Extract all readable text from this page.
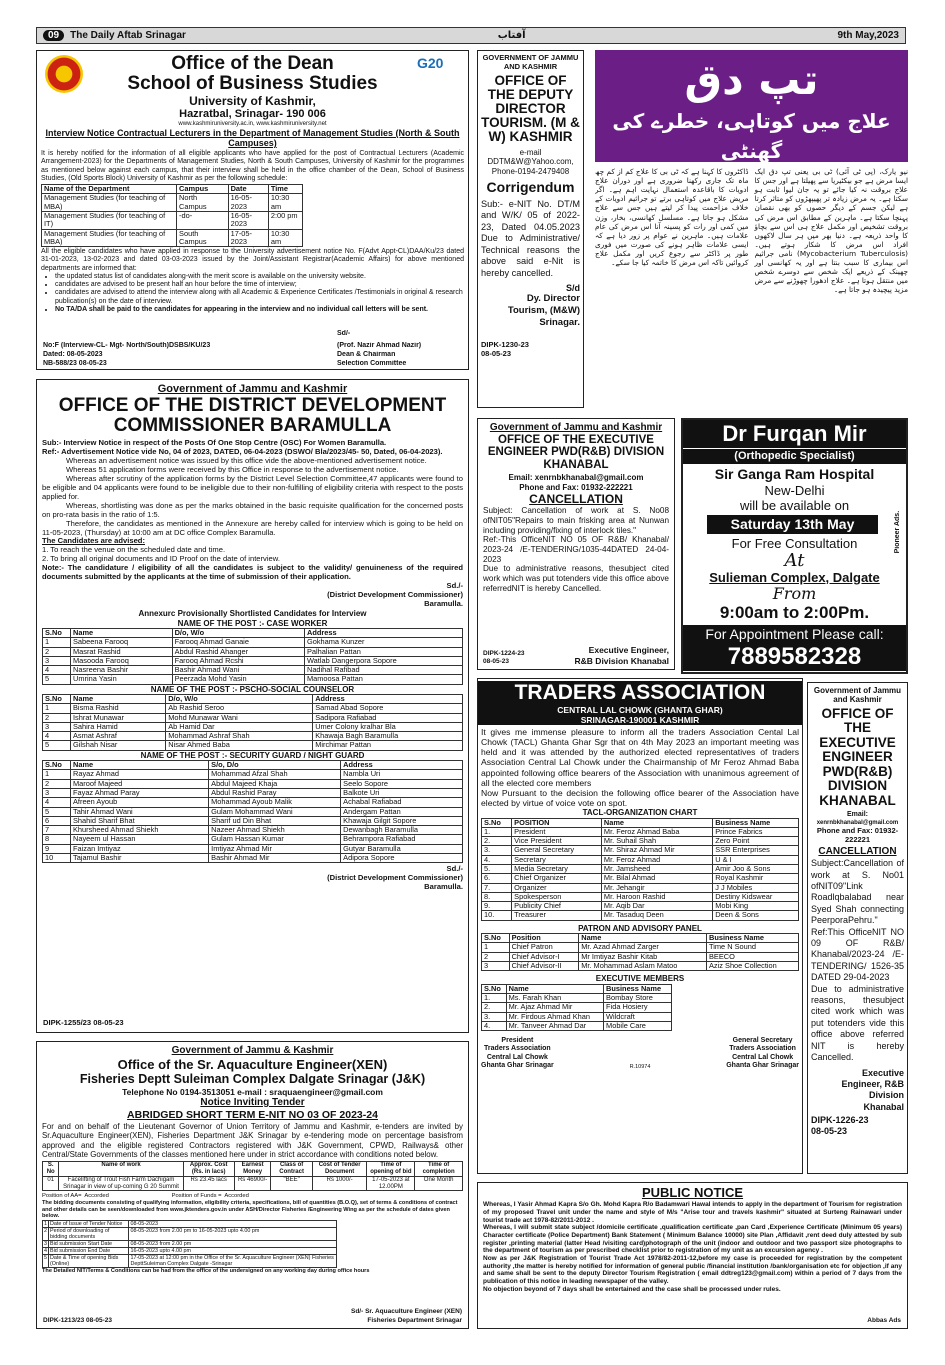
09 The Daily Aftab Srinagar	آفتاب	9th May,2023
G20
Office of the Dean
School of Business Studies
University of Kashmir,
Hazratbal, Srinagar- 190 006
www.kashmiruniversity.ac.in, www.kashmiruniversity.net
Interview Notice Contractual Lecturers in the Department of Management Studies (North & South Campuses)
It is hereby notified for the information of all eligible applicants who have applied for the post of Contractual Lecturers (Academic Arrangement-2023) for the Departments of Management Studies, North & South Campuses, University of Kashmir for the programmes as mentioned below against each campus, that their interview shall be held in the office chamber of the Dean, School of Business Studies, (Old Sports Block) University of Kashmir as per the following schedule:
Name of the Department	Campus	Date	Time
Management Studies (for teaching of MBA)	North Campus	16-05-2023	10:30 am
Management Studies (for teaching of IT)	-do-	16-05-2023	2:00 pm
Management Studies (for teaching of MBA)	South Campus	17-05-2023	10:30 am
All the eligible candidates who have applied in response to the University advertisement notice No. F(Advt Appt-CL)DAA/Ku/23 dated 31-01-2023, 13-02-2023 and dated 03-03-2023 issued by the Joint/Assistant Registrar(Academic Affairs) for above mentioned departments are informed that:
• the updated status list of candidates along-with the merit score is available on the university website.
• candidates are advised to be present half an hour before the time of interview;
• candidates are advised to attend the interview along with all Academic & Experience Certificates /Testimonials in original & research publication(s) on the date of interview.
• No TA/DA shall be paid to the candidates for appearing in the interview and no individual call letters will be sent.
Sd/-
No:F (Interview-CL- Mgt- North/South)DSBS/KU/23
Dated: 08-05-2023
NB-588/23 08-05-23
(Prof. Nazir Ahmad Nazir)
Dean & Chairman
Selection Committee
GOVERNMENT OF JAMMU AND KASHMIR
OFFICE OF THE DEPUTY DIRECTOR TOURISM. (M & W) KASHMIR
e-mail
DDTM&W@Yahoo.com,
Phone-0194-2479408
Corrigendum
Sub:- e-NIT No. DT/M and W/K/ 05 of 2022-23, Dated 04.05.2023 Due to Administrative/ Technical reasons the above said e-Nit is hereby cancelled.
S/d
Dy. Director Tourism, (M&W) Srinagar.
DIPK-1230-23
08-05-23
تپ دق
علاج میں کوتاہی، خطرے کی گھنٹی
ڈاکٹروں کا کہنا ہے کہ ٹی بی کا علاج کم از کم چھ ماہ تک جاری رکھنا ضروری ہے اور دوران علاج ادویات کا باقاعدہ استعمال نہایت اہم ہے۔ اگر مریض علاج میں کوتاہی برتے تو جراثیم ادویات کے خلاف مزاحمت پیدا کر لیتے ہیں جس سے علاج مشکل ہو جاتا ہے۔ مسلسل کھانسی، بخار، وزن میں کمی اور رات کو پسینہ آنا اس مرض کی عام علامات ہیں۔ ماہرین نے عوام پر زور دیا ہے کہ ایسی علامات ظاہر ہونے کی صورت میں فوری طور پر ڈاکٹر سے رجوع کریں اور مکمل علاج کروائیں تاکہ اس مرض کا خاتمہ کیا جا سکے۔
نیو یارک، (پی ٹی آئی) ٹی بی یعنی تپ دق ایک ایسا مرض ہے جو بیکٹیریا سے پھیلتا ہے اور جس کا علاج بروقت نہ کیا جائے تو یہ جان لیوا ثابت ہو سکتا ہے۔ یہ مرض زیادہ تر پھیپھڑوں کو متاثر کرتا ہے لیکن جسم کے دیگر حصوں کو بھی نقصان پہنچا سکتا ہے۔ ماہرین کے مطابق اس مرض کی بروقت تشخیص اور مکمل علاج ہی اس سے بچاؤ کا واحد ذریعہ ہے۔ دنیا بھر میں ہر سال لاکھوں افراد اس مرض کا شکار ہوتے ہیں۔ (Mycobacterium Tuberculosis) نامی جراثیم اس بیماری کا سبب بنتا ہے اور یہ کھانسی اور چھینک کے ذریعے ایک شخص سے دوسرے شخص میں منتقل ہوتا ہے۔ علاج ادھورا چھوڑنے سے مرض مزید پیچیدہ ہو جاتا ہے۔
Government of Jammu and Kashmir
OFFICE OF THE DISTRICT DEVELOPMENT COMMISSIONER BARAMULLA
Sub:- Interview Notice in respect of the Posts Of One Stop Centre (OSC) For Women Baramulla.
Ref:- Advertisement Notice vide No, 04 of 2023, DATED, 06-04-2023 (DSWO/ Bla/2023/45- 50, Dated, 06-04-2023).
Whereas an advertisement notice was issued by this office vide the above-mentioned advertisement notice.
Whereas 51 application forms were received by this Office in response to the advertisement notice.
Whereas after scrutiny of the application forms by the District Level Selection Committee,47 applicants were found to be eligible and 04 applicants were found to be ineligible due to their non-fulfilling of eligibility criteria with respect to the posts applied for.
Whereas, shortlisting was done as per the marks obtained in the basic requisite qualification for the concerned posts on pro-rata basis in the ratio of 1:5.
Therefore, the candidates as mentioned in the Annexure are hereby called for interview which is going to be held on 11-05-2023, (Thursday) at 10:00 am at DC office Complex Baramulla.
The Candidates are advised:
1. To reach the venue on the scheduled date and time.
2. To bring all original documents and ID Proof on the date of interview.
Note:- The candidature / eligibility of all the candidates is subject to the validity/ genuineness of the required documents submitted by the applicants at the time of submission of their application.
Sd./-
(District Development Commissioner)
Baramulla.
Annexurc Provisionally Shortlisted Candidates for Interview
NAME OF THE POST :- CASE WORKER
S.No	Name	D/o, W/o	Address
1	Sabeena Farooq	Farooq Ahmad Ganaie	Gokhama Kunzer
2	Masrat Rashid	Abdul Rashid Ahanger	Palhalian Pattan
3	Masooda Farooq	Farooq Ahmad Rcshi	Watlab Dangerpora Sopore
4	Nasreena Bashir	Bashir Ahmad Wani	Nadihal Rafibad
5	Umrina Yasin	Peerzada Mohd Yasin	Mamoosa Pattan
NAME OF THE POST :- PSCHO-SOCIAL COUNSELOR
S.No	Name	D/o, W/o	Address
1	Bisma Rashid	Ab Rashid Seroo	Samad Abad Sopore
2	Ishrat Munawar	Mohd Munawar Wani	Sadipora Rafiabad
3	Sahira Hamid	Ab Hamid Dar	Umer Colony kralhar Bla
4	Asmat Ashraf	Mohammad Ashraf Shah	Khawaja Bagh Baramulla
5	Gilshah Nisar	Nisar Ahmed Baba	Mirchimar Pattan
NAME OF THE POST :- SECURITY GUARD / NIGHT GUARD
S.No	Name	S/o, D/o	Address
1	Rayaz Ahmad	Mohammad Afzal Shah	Nambla Uri
2	Maroof Majeed	Abdul Majeed Khaja	Seelo Sopore
3	Fayaz Ahmad Paray	Abdul Rashid Paray	Balkote Uri
4	Afreen Ayoub	Mohammad Ayoub Malik	Achabal Rafiabad
5	Tahir Ahmad Wani	Gulam Mohammad Wani	Andergam Pattan
6	Shahid Sharif Bhat	Sharif ud Din Bhat	Khawaja Gilgit Sopore
7	Khursheed Ahmad Shiekh	Nazeer Ahmad Shiekh	Dewanbagh Baramulla
8	Nayeem ul Hassan	Gulam Hassan Kumar	Behrampora Rafiabad
9	Faizan Imtiyaz	Imtiyaz Ahmad Mir	Gutyar Baramulla
10	Tajamul Bashir	Bashir Ahmad Mir	Adipora Sopore
Sd./-
(District Development Commissioner)
Baramulla.
DIPK-1255/23 08-05-23
Government of Jammu and Kashmir
OFFICE OF THE EXECUTIVE ENGINEER PWD(R&B) DIVISION KHANABAL
Email: xenrnbkhanabal@gmail.com
Phone and Fax: 01932-222221
CANCELLATION
Subject: Cancellation of work at S. No08 ofNIT05"Repairs to main frisking area at Nunwan including providing/fixing of interlock tiles."
Ref:-This OfficeNIT NO 05 OF R&B/ Khanabal/ 2023-24 /E-TENDERING/1035-44DATED 24-04-2023
Due to administrative reasons, thesubject cited work which was put totenders vide this office above referredNIT is hereby Cancelled.
Executive Engineer,
R&B Division Khanabal
DIPK-1224-23
08-05-23
Dr Furqan Mir
(Orthopedic Specialist)
Sir Ganga Ram Hospital
New-Delhi
will be available on
Saturday 13th May
For Free Consultation
At
Sulieman Complex, Dalgate
From
9:00am to 2:00Pm.
For Appointment Please call:
7889582328
Pioneer Ads.
TRADERS ASSOCIATION
CENTRAL LAL CHOWK (GHANTA GHAR)
SRINAGAR-190001 KASHMIR
It gives me immense pleasure to inform all the traders Association Cental Lal Chowk (TACL) Ghanta Ghar Sgr that on 4th May 2023 an important meeting was held and it was attended by the authorized elected representatives of traders Association Central Lal Chowk under the Chairmanship of Mr Feroz Ahmad Baba appointed following office bearers of the Association with unanimous agreement of all the elected core members
Now Pursuant to the decision the following office bearer of the Association have elected by virtue of voice vote on spot.
TACL-ORGANIZATION CHART
S.No	POSITION	Name	Business Name
1.	President	Mr. Feroz Ahmad Baba	Prince Fabrics
2.	Vice President	Mr. Suhail Shah	Zero Point
3.	General Secretary	Mr. Shiraz Ahmad Mir	SSR Enterprises
4.	Secretary	Mr. Feroz Ahmad	U & I
5.	Media Secretary	Mr. Jamsheed	Amir Joo & Sons
6.	Chief Organizer	Mr. Bilal Ahmad	Royal Kashmir
7.	Organizer	Mr. Jehangir	J J Mobiles
8.	Spokesperson	Mr. Haroon Rashid	Destiny Kidswear
9.	Publicity Chief	Mr. Aqib Dar	Mobi King
10.	Treasurer	Mr. Tasaduq Deen	Deen & Sons
PATRON AND ADVISORY PANEL
S.No	Position	Name	Business Name
1	Chief Patron	Mr. Azad Ahmad Zarger	Time N Sound
2	Chief Advisor-I	Mr Imtiyaz Bashir Kitab	BEECO
3	Chief Advisor-II	Mr. Mohammad Aslam Matoo	Aziz Shoe Collection
EXECUTIVE MEMBERS
S.No	Name	Business Name
1.	Ms. Farah Khan	Bombay Store
2.	Mr. Ajaz Ahmad Mir	Fida Hosiery
3.	Mr. Firdous Ahmad Khan	Wildcraft
4.	Mr. Tanveer Ahmad Dar	Mobile Care
President
Traders Association
Central Lal Chowk
Ghanta Ghar Srinagar	R.10974
General Secretary
Traders Association
Central Lal Chowk
Ghanta Ghar Srinagar
Government of Jammu and Kashmir
OFFICE OF THE EXECUTIVE ENGINEER PWD(R&B) DIVISION KHANABAL
Email:
xenrnbkhanabal@gmail.com
Phone and Fax: 01932-222221
CANCELLATION
Subject:Cancellation of work at S. No01 ofNIT09"Link Roadlqbalabad near Syed Shah connecting PeerporaPehru."
Ref:This OfficeNIT NO 09 OF R&B/ Khanabal/2023-24 /E-TENDERING/ 1526-35 DATED 29-04-2023
Due to administrative reasons, thesubject cited work which was put totenders vide this office above referred NIT is hereby Cancelled.
Executive Engineer, R&B Division Khanabal
DIPK-1226-23
08-05-23
Government of Jammu & Kashmir
Office of the Sr. Aquaculture Engineer(XEN)
Fisheries Deptt Suleiman Complex Dalgate Srinagar (J&K)
Telephone No 0194-3513051 e-mail : sraquaengineer@gmail.com
Notice Inviting Tender
ABRIDGED SHORT TERM E-NIT NO 03 OF 2023-24
For and on behalf of the Lieutenant Governor of Union Territory of Jammu and Kashmir, e-tenders are invited by Sr.Aquaculture Engineer(XEN), Fisheries Department J&K Srinagar by e-tendering mode on percentage basisfrom approved and the eligible registered Contractors registered with J&K Government, CPWD, Railways& other Central/State Governments of the classes mentioned here under in strict accordance with conditions noted below.
S. No	Name of work	Approx. Cost (Rs. in lacs)	Earnest Money	Class of Contract	Cost of Tender Document	Time of opening of bid	Time of completion
01	Facelifting of Trout Fish Farm Dachigam Srinagar in view of up-coming G 20 Summit	Rs 23.45 lacs	Rs 46900/-	"BEE"	Rs 1000/-	17-05-2023 at 12.00PM	One Month
Position of AA=  Accorded                                       Position of Funds =  Accorded
The bidding documents consisting of qualifying information, eligibility criteria, specifications, bill of quantities (B.O.Q), set of terms & conditions of contract and other details can be seen/downloaded from www.jktenders.gov.in under ASH/Director Fisheries /Engineering Wing as per the schedule of dates given below.
1	Date of Issue of Tender Notice	08-05-2023
2	Period of downloading of bidding documents	08-05-2023 from 2.00 pm to 16-05-2023 upto 4.00 pm
3	Bid submission Start Date	08-05-2023 from 2.00 pm
4	Bid submission End Date	16-05-2023 upto 4.00 pm
5	Date & Time of opening Bids (Online)	17-05-2023 at 12:00 pm in the Office of the Sr. Aquaculture Engineer (XEN) Fisheries DepttSuleiman Complex Dalgate -Srinagar
The Detailed NIT/Terms & Conditions can be had from the office of the undersigned on any working day during office hours
Sd/- Sr. Aquaculture Engineer (XEN)
Fisheries Department Srinagar
DIPK-1213/23 08-05-23
PUBLIC NOTICE
Whereas, I Yasir Ahmad Kapra S/o Gh. Mohd Kapra R/o Badamwari Hawal intends to apply in the department of Tourism for registration of my proposed Travel unit under the name and style of M/s "Arise tour and travels kashmir" situated at Surteng Rainawari under tourist trade act 1978-82/2011-2012 .
Whereas, I will submit state subject /domicile certificate ,qualification certificate ,pan Card ,Experience Certificate (Minimum 05 years) Character certificate (Police Department) Bank Statement ( Minimum Balance 10000) site Plan ,Affidavit ,rent deed duly attested by sub register ,printing material (latter Head /visiting card)photograph of the unit (indoor and outdoor and two passport size photographs to the department of tourism as per prescribed checklist prior to registration of my unit as an excursion agency .
Now as per J&K Registration of Tourist Trade Act 1978/82-2011-12,before my case is proceeded for registration by the competent authority ,the matter is hereby notified for information of general public /financial institution /bank/organisation etc for objection ,if any and same shall be sent to the deputy Director Tourism Registration ( email ddtreg123@gmail.com) within a period of 7 days from the publication of this notice in leading newspaper of the valley.
No objection beyond of 7 days shall be entertained and the case shall be processed under rules.
Abbas Ads
